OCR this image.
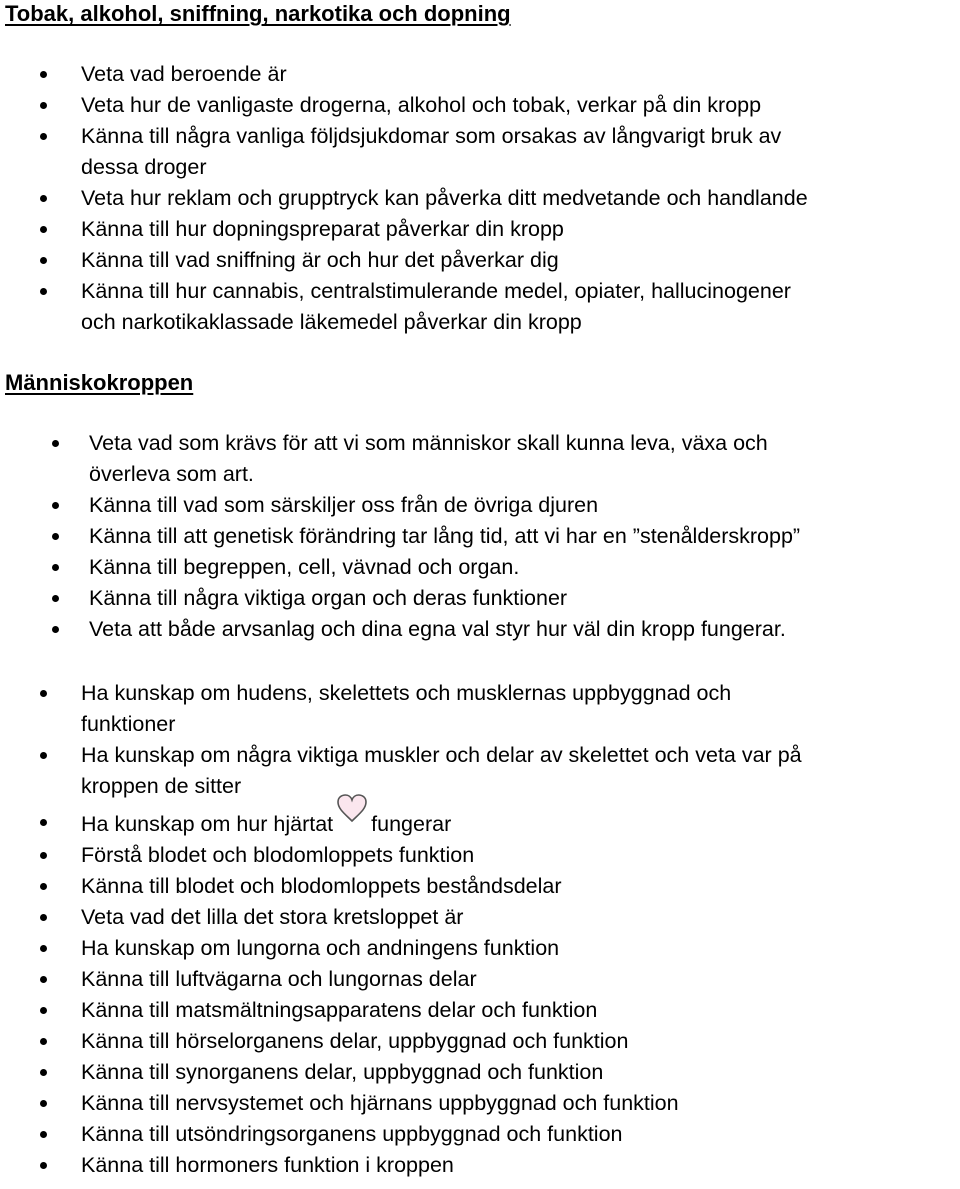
Tobak, alkohol, sniffning, narkotika och dopning
Veta vad beroende är
Veta hur de vanligaste drogerna, alkohol och tobak, verkar på din kropp
Känna till några vanliga följdsjukdomar som orsakas av långvarigt bruk av
dessa droger
Veta hur reklam och grupptryck kan påverka ditt medvetande och handlande
Känna till hur dopningspreparat påverkar din kropp
Känna till vad sniffning är och hur det påverkar dig
Känna till hur cannabis, centralstimulerande medel, opiater, hallucinogener
och narkotikaklassade läkemedel påverkar din kropp
Människokroppen
Veta vad som krävs för att vi som människor skall kunna leva, växa och
överleva som art.
Känna till vad som särskiljer oss från de övriga djuren
Känna till att genetisk förändring tar lång tid, att vi har en ”stenålderskropp”
Känna till begreppen, cell, vävnad och organ.
Känna till några viktiga organ och deras funktioner
Veta att både arvsanlag och dina egna val styr hur väl din kropp fungerar.
Ha kunskap om hudens, skelettets och musklernas uppbyggnad och
funktioner
Ha kunskap om några viktiga muskler och delar av skelettet och veta var på
kroppen de sitter
Ha kunskap om hur hjärtat fungerar
Förstå blodet och blodomloppets funktion
Känna till blodet och blodomloppets beståndsdelar
Veta vad det lilla det stora kretsloppet är
Ha kunskap om lungorna och andningens funktion
Känna till luftvägarna och lungornas delar
Känna till matsmältningsapparatens delar och funktion
Känna till hörselorganens delar, uppbyggnad och funktion
Känna till synorganens delar, uppbyggnad och funktion
Känna till nervsystemet och hjärnans uppbyggnad och funktion
Känna till utsöndringsorganens uppbyggnad och funktion
Känna till hormoners funktion i kroppen
